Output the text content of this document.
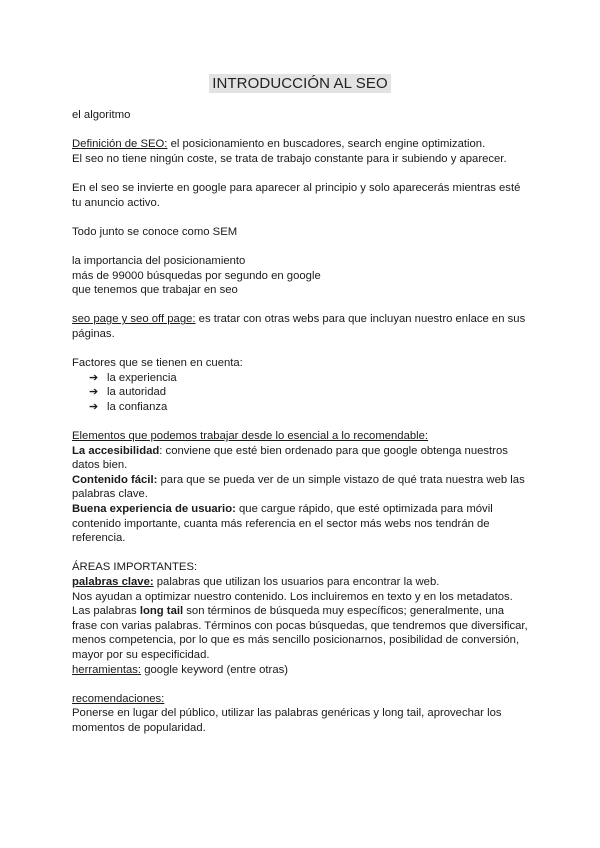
INTRODUCCIÓN AL SEO

el algoritmo

Definición de SEO: el posicionamiento en buscadores, search engine optimization.

El seo no tiene ningún coste, se trata de trabajo constante para ir subiendo y aparecer.

En el seo se invierte en google para aparecer al principio y solo aparecerás mientras esté tu anuncio activo.

Todo junto se conoce como SEM

la importancia del posicionamiento

más de 99000 búsquedas por segundo en google

que tenemos que trabajar en seo

seo page y seo off page: es tratar con otras webs para que incluyan nuestro enlace en sus páginas.

Factores que se tienen en cuenta:

➔ la experiencia
➔ la autoridad
➔ la confianza

Elementos que podemos trabajar desde lo esencial a lo recomendable:

La accesibilidad: conviene que esté bien ordenado para que google obtenga nuestros datos bien.

Contenido fácil: para que se pueda ver de un simple vistazo de qué trata nuestra web las palabras clave.

Buena experiencia de usuario: que cargue rápido, que esté optimizada para móvil contenido importante, cuanta más referencia en el sector más webs nos tendrán de referencia.

ÁREAS IMPORTANTES:

palabras clave: palabras que utilizan los usuarios para encontrar la web.

Nos ayudan a optimizar nuestro contenido. Los incluiremos en texto y en los metadatos.

Las palabras long tail son términos de búsqueda muy específicos; generalmente, una frase con varias palabras. Términos con pocas búsquedas, que tendremos que diversificar, menos competencia, por lo que es más sencillo posicionarnos, posibilidad de conversión, mayor por su especificidad.

herramientas: google keyword (entre otras)

recomendaciones:

Ponerse en lugar del público, utilizar las palabras genéricas y long tail, aprovechar los momentos de popularidad.
